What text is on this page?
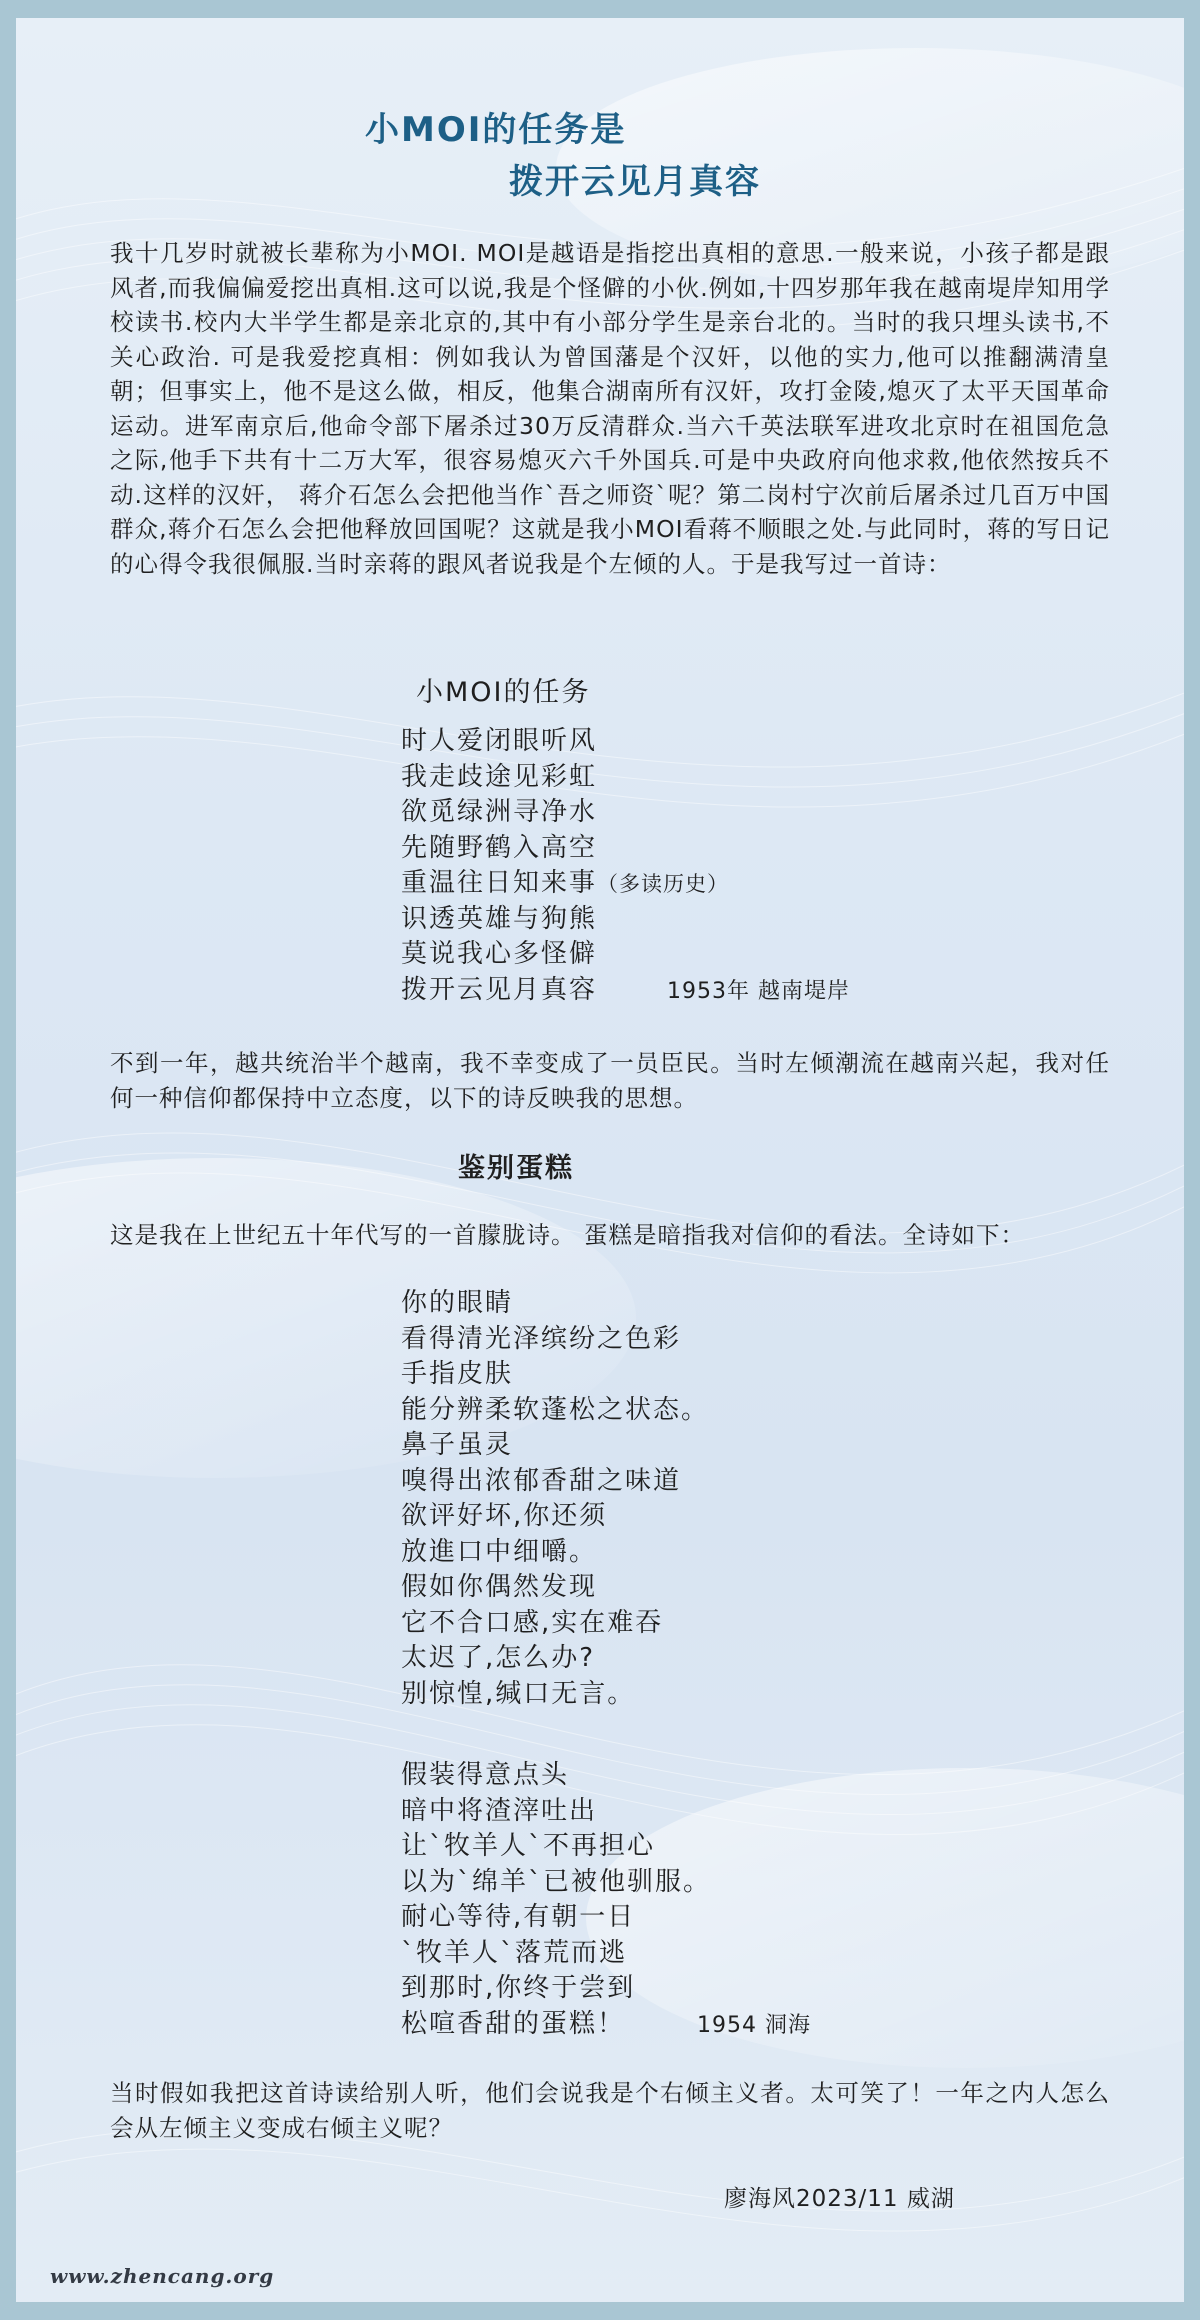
小MOI的任务是
拨开云见月真容
我十几岁时就被长辈称为小MOI. MOI是越语是指挖出真相的意思.一般来说，小孩子都是跟风者,而我偏偏爱挖出真相.这可以说,我是个怪僻的小伙.例如,十四岁那年我在越南堤岸知用学校读书.校内大半学生都是亲北京的,其中有小部分学生是亲台北的。当时的我只埋头读书,不关心政治. 可是我爱挖真相：例如我认为曾国藩是个汉奸，以他的实力,他可以推翻满清皇朝；但事实上，他不是这么做，相反，他集合湖南所有汉奸，攻打金陵,熄灭了太平天国革命运动。进军南京后,他命令部下屠杀过30万反清群众.当六千英法联军进攻北京时在祖国危急之际,他手下共有十二万大军，很容易熄灭六千外国兵.可是中央政府向他求救,他依然按兵不动.这样的汉奸， 蒋介石怎么会把他当作`吾之师资`呢？第二岗村宁次前后屠杀过几百万中国群众,蒋介石怎么会把他释放回国呢？这就是我小MOI看蒋不顺眼之处.与此同时，蒋的写日记的心得令我很佩服.当时亲蒋的跟风者说我是个左倾的人。于是我写过一首诗：
小MOI的任务
时人爱闭眼听风
我走歧途见彩虹
欲觅绿洲寻净水
先随野鹤入高空
重温往日知来事（多读历史）
识透英雄与狗熊
莫说我心多怪僻
拨开云见月真容	1953年 越南堤岸
不到一年，越共统治半个越南，我不幸变成了一员臣民。当时左倾潮流在越南兴起，我对任何一种信仰都保持中立态度，以下的诗反映我的思想。
鉴别蛋糕
这是我在上世纪五十年代写的一首朦胧诗。 蛋糕是暗指我对信仰的看法。全诗如下：
你的眼睛
看得清光泽缤纷之色彩
手指皮肤
能分辨柔软蓬松之状态。
鼻子虽灵
嗅得出浓郁香甜之味道
欲评好坏,你还须
放進口中细嚼。
假如你偶然发现
它不合口感,实在难吞
太迟了,怎么办?
别惊惶,缄口无言。
假装得意点头
暗中将渣滓吐出
让`牧羊人`不再担心
以为`绵羊`已被他驯服。
耐心等待,有朝一日
`牧羊人`落荒而逃
到那时,你终于尝到
松喧香甜的蛋糕！	1954 洞海
当时假如我把这首诗读给别人听，他们会说我是个右倾主义者。太可笑了！一年之内人怎么会从左倾主义变成右倾主义呢？
廖海风2023/11 威湖
www.zhencang.org
